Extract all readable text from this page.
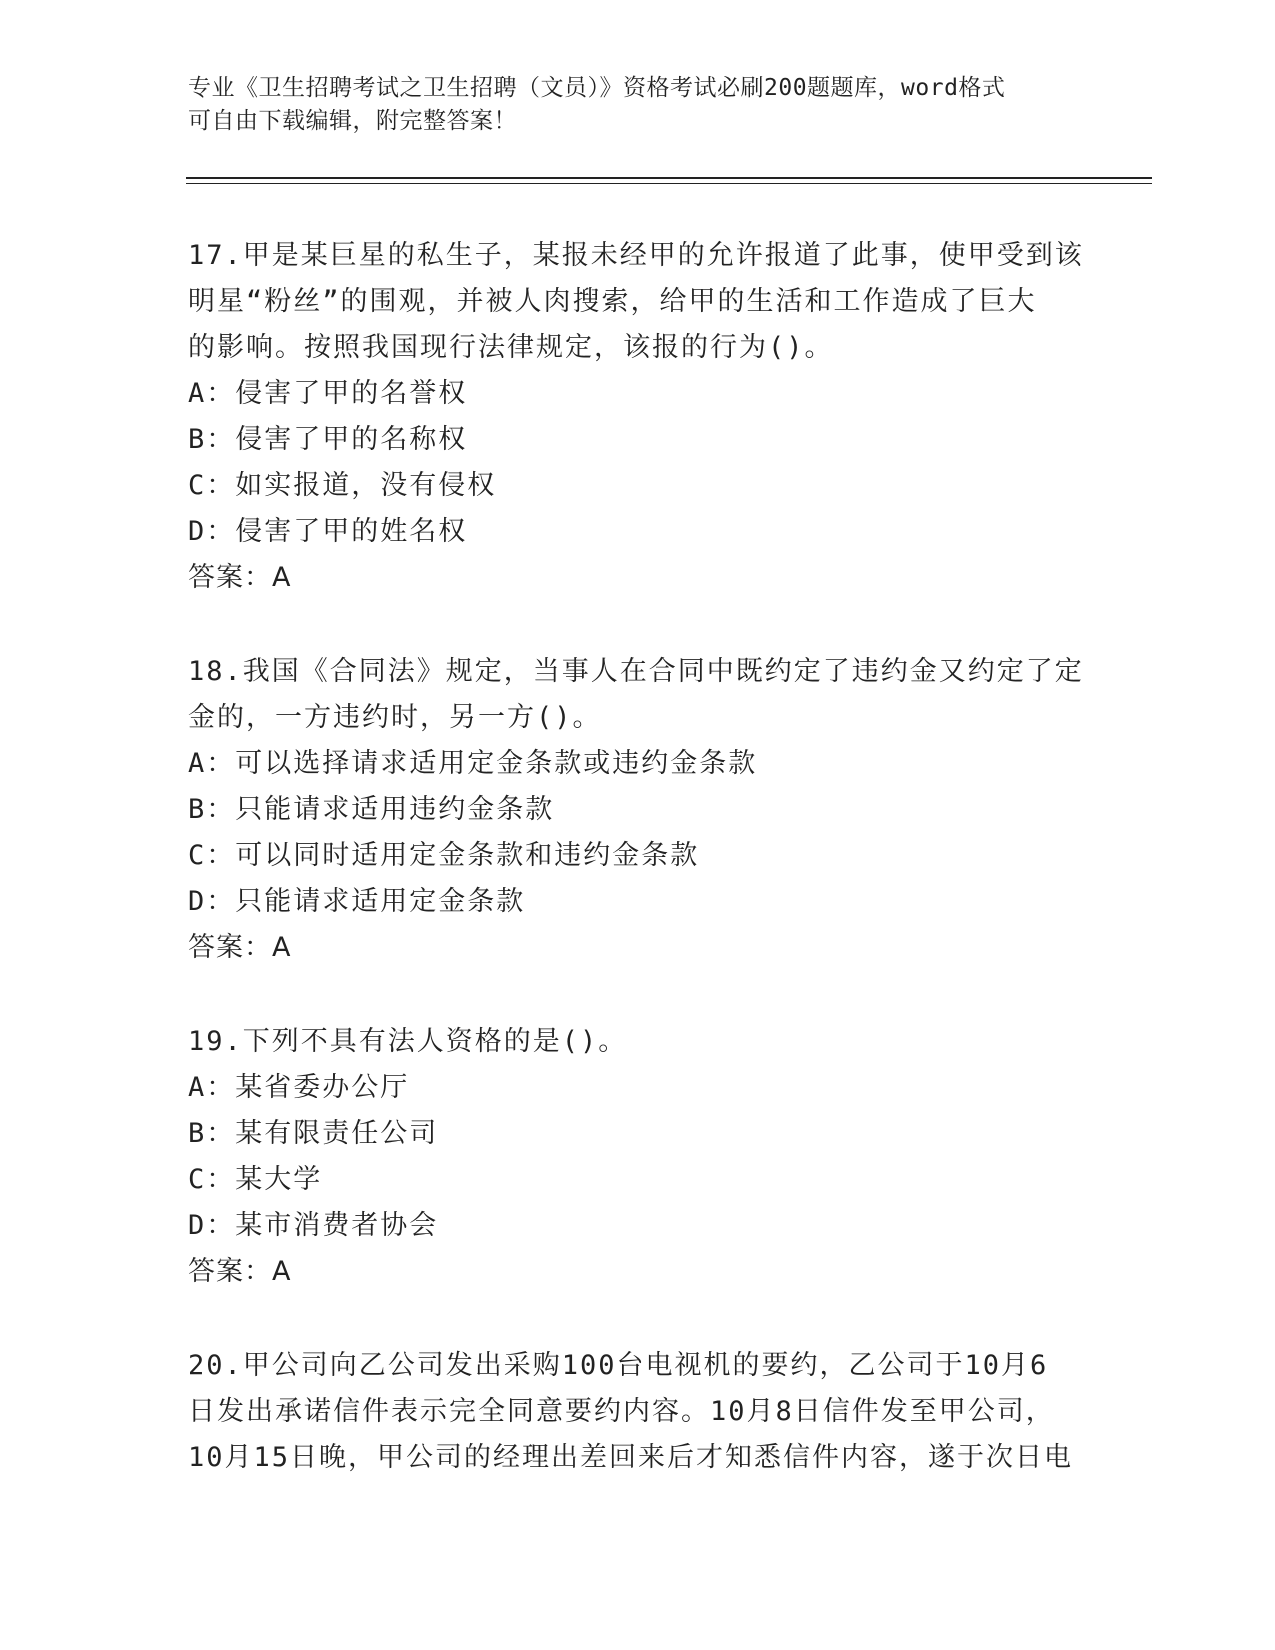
专业《卫生招聘考试之卫生招聘（文员）》资格考试必刷200题题库，word格式
可自由下载编辑，附完整答案！
17.甲是某巨星的私生子，某报未经甲的允许报道了此事，使甲受到该
明星“粉丝”的围观，并被人肉搜索，给甲的生活和工作造成了巨大
的影响。按照我国现行法律规定，该报的行为()。
A：侵害了甲的名誉权
B：侵害了甲的名称权
C：如实报道，没有侵权
D：侵害了甲的姓名权
答案：A
18.我国《合同法》规定，当事人在合同中既约定了违约金又约定了定
金的，一方违约时，另一方()。
A：可以选择请求适用定金条款或违约金条款
B：只能请求适用违约金条款
C：可以同时适用定金条款和违约金条款
D：只能请求适用定金条款
答案：A
19.下列不具有法人资格的是()。
A：某省委办公厅
B：某有限责任公司
C：某大学
D：某市消费者协会
答案：A
20.甲公司向乙公司发出采购100台电视机的要约，乙公司于10月6
日发出承诺信件表示完全同意要约内容。10月8日信件发至甲公司，
10月15日晚，甲公司的经理出差回来后才知悉信件内容，遂于次日电
